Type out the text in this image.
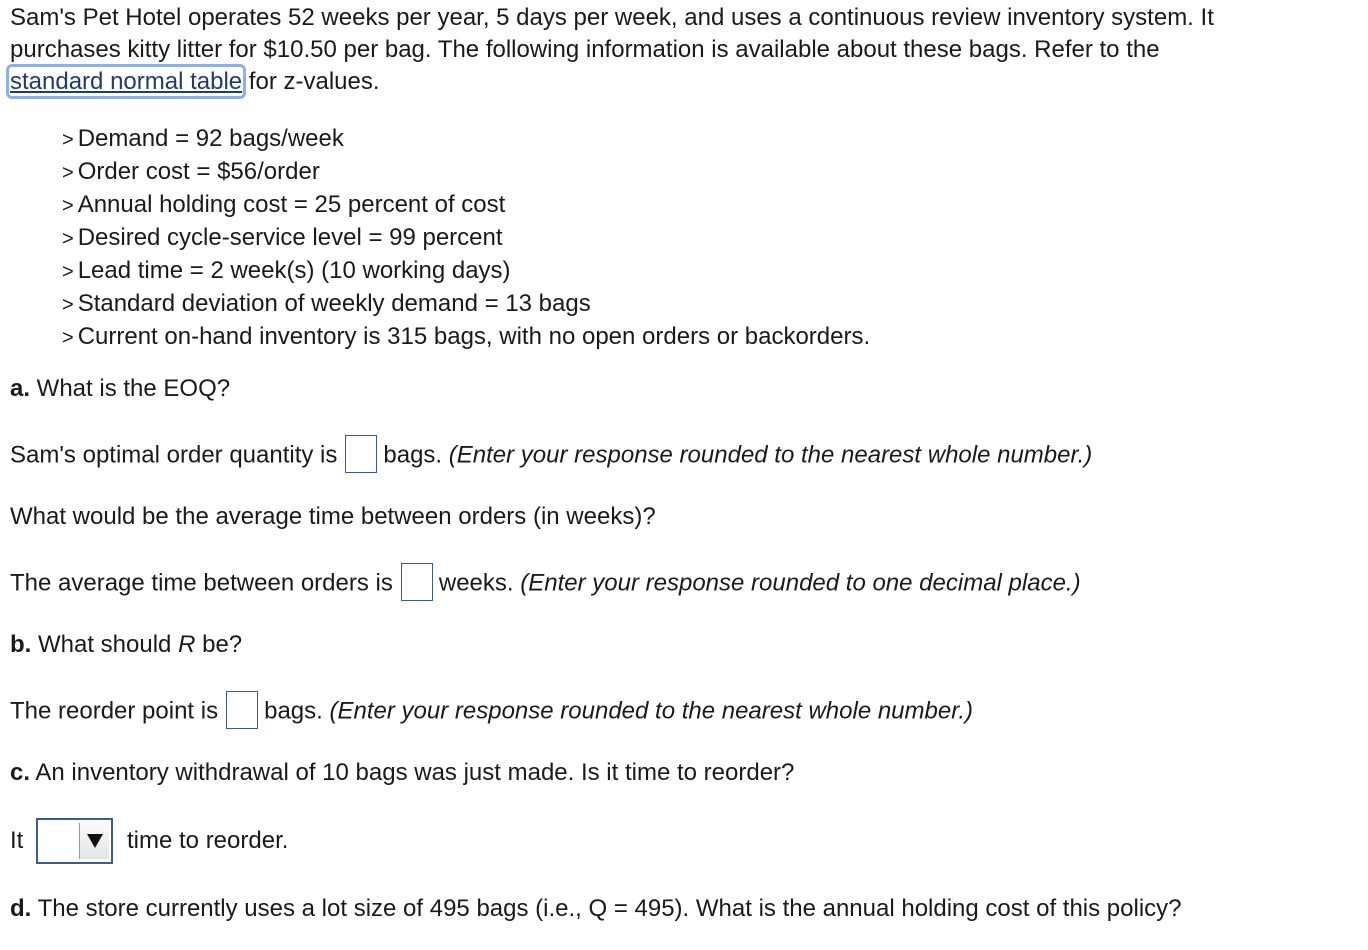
Sam's Pet Hotel operates 52 weeks per year, 5 days per week, and uses a continuous review inventory system. It
purchases kitty litter for $10.50 per bag. The following information is available about these bags. Refer to the
standard normal table for z-values.
> Demand = 92 bags/week
> Order cost = $56/order
> Annual holding cost = 25 percent of cost
> Desired cycle-service level = 99 percent
> Lead time = 2 week(s) (10 working days)
> Standard deviation of weekly demand = 13 bags
> Current on-hand inventory is 315 bags, with no open orders or backorders.
a. What is the EOQ?
Sam's optimal order quantity is bags. (Enter your response rounded to the nearest whole number.)
What would be the average time between orders (in weeks)?
The average time between orders is weeks. (Enter your response rounded to one decimal place.)
b. What should R be?
The reorder point is bags. (Enter your response rounded to the nearest whole number.)
c. An inventory withdrawal of 10 bags was just made. Is it time to reorder?
It	time to reorder.
d. The store currently uses a lot size of 495 bags (i.e., Q = 495). What is the annual holding cost of this policy?
